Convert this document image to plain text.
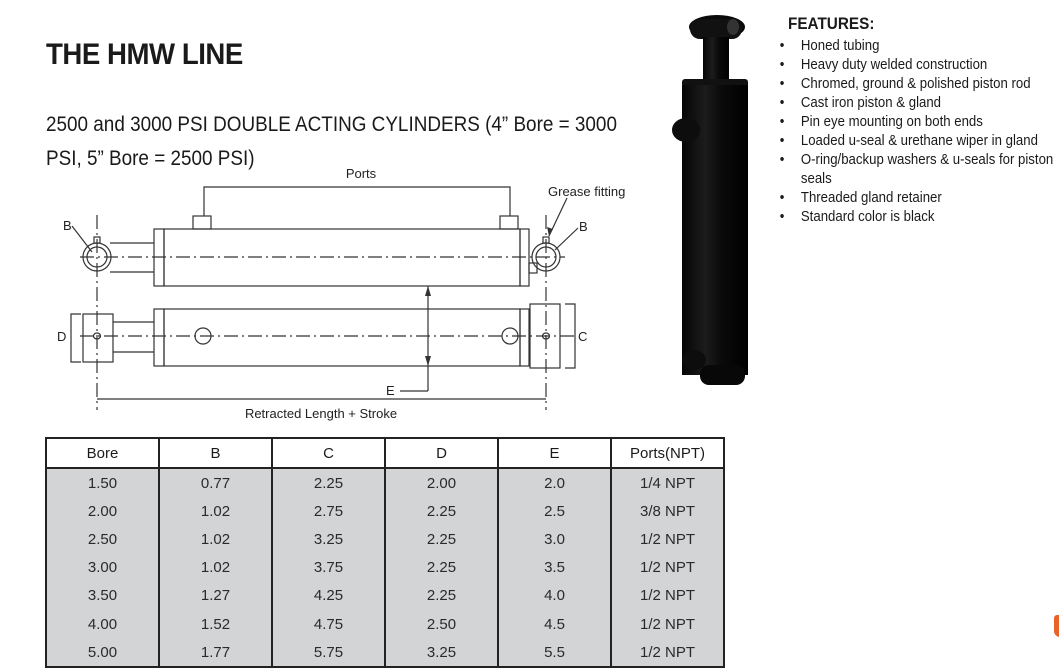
THE HMW LINE

2500 and 3000 PSI DOUBLE ACTING CYLINDERS (4” Bore = 3000 PSI, 5” Bore = 2500 PSI)

Ports
Grease fitting
B	B
D	C
E
Retracted Length + Stroke
FEATURES:
• Honed tubing
• Heavy duty welded construction
• Chromed, ground & polished piston rod
• Cast iron piston & gland
• Pin eye mounting on both ends
• Loaded u-seal & urethane wiper in gland
• O-ring/backup washers & u-seals for piston seals
• Threaded gland retainer
• Standard color is black
Bore	B	C	D	E	Ports(NPT)
1.50	0.77	2.25	2.00	2.0	1/4 NPT
2.00	1.02	2.75	2.25	2.5	3/8 NPT
2.50	1.02	3.25	2.25	3.0	1/2 NPT
3.00	1.02	3.75	2.25	3.5	1/2 NPT
3.50	1.27	4.25	2.25	4.0	1/2 NPT
4.00	1.52	4.75	2.50	4.5	1/2 NPT
5.00	1.77	5.75	3.25	5.5	1/2 NPT
